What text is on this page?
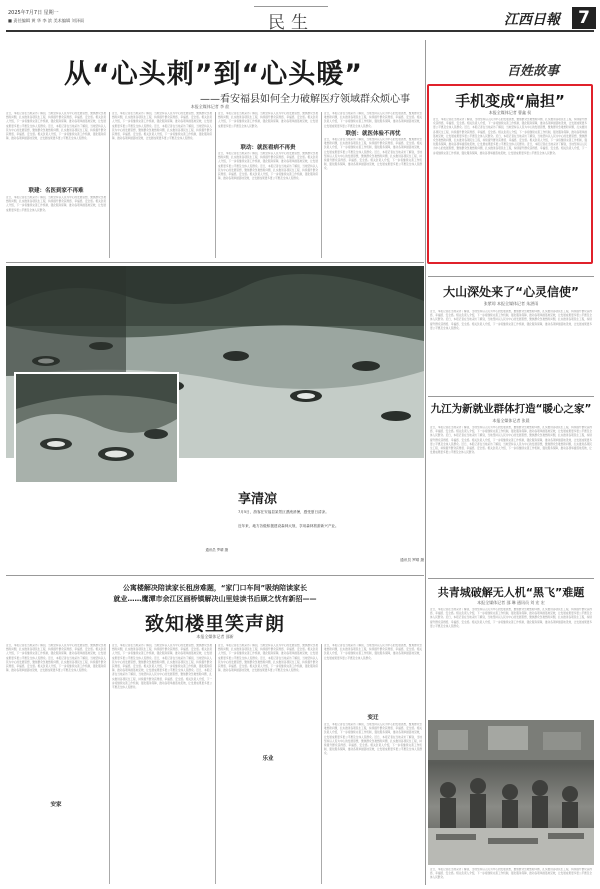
2025年7月7日 星期一
■ 责任编辑 黄 华 李 滨 美术编辑 刘泽雨	民生	江西日報	7
从“心头刺”到“心头暖”
——看安福县如何全力破解医疗领域群众烦心事
本报全媒体记者 李 歆
近日，本报记者在当地采访了解到，当地坚持以人民为中心的发展思想，聚焦群众急难愁盼问题，扎实推进各项民生工程，持续提升群众获得感、幸福感、安全感。相关负责人介绍，下一步将继续完善工作机制，强化服务保障，推动各项举措落地见效，让发展成果更多更公平惠及全体人民群众。近日，本报记者在当地采访了解到，当地坚持以人民为中心的发展思想，聚焦群众急难愁盼问题，扎实推进各项民生工程，持续提升群众获得感、幸福感、安全感。相关负责人介绍，下一步将继续完善工作机制，强化服务保障，推动各项举措落地见效，让发展成果更多更公平惠及全体人民群众。
联建：名医到家不再难
近日，本报记者在当地采访了解到，当地坚持以人民为中心的发展思想，聚焦群众急难愁盼问题，扎实推进各项民生工程，持续提升群众获得感、幸福感、安全感。相关负责人介绍，下一步将继续完善工作机制，强化服务保障，推动各项举措落地见效，让发展成果更多更公平惠及全体人民群众。
近日，本报记者在当地采访了解到，当地坚持以人民为中心的发展思想，聚焦群众急难愁盼问题，扎实推进各项民生工程，持续提升群众获得感、幸福感、安全感。相关负责人介绍，下一步将继续完善工作机制，强化服务保障，推动各项举措落地见效，让发展成果更多更公平惠及全体人民群众。近日，本报记者在当地采访了解到，当地坚持以人民为中心的发展思想，聚焦群众急难愁盼问题，扎实推进各项民生工程，持续提升群众获得感、幸福感、安全感。相关负责人介绍，下一步将继续完善工作机制，强化服务保障，推动各项举措落地见效，让发展成果更多更公平惠及全体人民群众。
近日，本报记者在当地采访了解到，当地坚持以人民为中心的发展思想，聚焦群众急难愁盼问题，扎实推进各项民生工程，持续提升群众获得感、幸福感、安全感。相关负责人介绍，下一步将继续完善工作机制，强化服务保障，推动各项举措落地见效，让发展成果更多更公平惠及全体人民群众。
联动：就医看病不再贵
近日，本报记者在当地采访了解到，当地坚持以人民为中心的发展思想，聚焦群众急难愁盼问题，扎实推进各项民生工程，持续提升群众获得感、幸福感、安全感。相关负责人介绍，下一步将继续完善工作机制，强化服务保障，推动各项举措落地见效，让发展成果更多更公平惠及全体人民群众。近日，本报记者在当地采访了解到，当地坚持以人民为中心的发展思想，聚焦群众急难愁盼问题，扎实推进各项民生工程，持续提升群众获得感、幸福感、安全感。相关负责人介绍，下一步将继续完善工作机制，强化服务保障，推动各项举措落地见效，让发展成果更多更公平惠及全体人民群众。
近日，本报记者在当地采访了解到，当地坚持以人民为中心的发展思想，聚焦群众急难愁盼问题，扎实推进各项民生工程，持续提升群众获得感、幸福感、安全感。相关负责人介绍，下一步将继续完善工作机制，强化服务保障，推动各项举措落地见效，让发展成果更多更公平惠及全体人民群众。
联创：就医体验不再忧
近日，本报记者在当地采访了解到，当地坚持以人民为中心的发展思想，聚焦群众急难愁盼问题，扎实推进各项民生工程，持续提升群众获得感、幸福感、安全感。相关负责人介绍，下一步将继续完善工作机制，强化服务保障，推动各项举措落地见效，让发展成果更多更公平惠及全体人民群众。近日，本报记者在当地采访了解到，当地坚持以人民为中心的发展思想，聚焦群众急难愁盼问题，扎实推进各项民生工程，持续提升群众获得感、幸福感、安全感。相关负责人介绍，下一步将继续完善工作机制，强化服务保障，推动各项举措落地见效，让发展成果更多更公平惠及全体人民群众。
百姓故事
手机变成“扁担”
本报全媒体记者 曹鑫 侯
近日，本报记者在当地采访了解到，当地坚持以人民为中心的发展思想，聚焦群众急难愁盼问题，扎实推进各项民生工程，持续提升群众获得感、幸福感、安全感。相关负责人介绍，下一步将继续完善工作机制，强化服务保障，推动各项举措落地见效，让发展成果更多更公平惠及全体人民群众。近日，本报记者在当地采访了解到，当地坚持以人民为中心的发展思想，聚焦群众急难愁盼问题，扎实推进各项民生工程，持续提升群众获得感、幸福感、安全感。相关负责人介绍，下一步将继续完善工作机制，强化服务保障，推动各项举措落地见效，让发展成果更多更公平惠及全体人民群众。近日，本报记者在当地采访了解到，当地坚持以人民为中心的发展思想，聚焦群众急难愁盼问题，扎实推进各项民生工程，持续提升群众获得感、幸福感、安全感。相关负责人介绍，下一步将继续完善工作机制，强化服务保障，推动各项举措落地见效，让发展成果更多更公平惠及全体人民群众。近日，本报记者在当地采访了解到，当地坚持以人民为中心的发展思想，聚焦群众急难愁盼问题，扎实推进各项民生工程，持续提升群众获得感、幸福感、安全感。相关负责人介绍，下一步将继续完善工作机制，强化服务保障，推动各项举措落地见效，让发展成果更多更公平惠及全体人民群众。
大山深处来了“心灵信使”
张紫琼 本报全媒体记者 朱湛雨
近日，本报记者在当地采访了解到，当地坚持以人民为中心的发展思想，聚焦群众急难愁盼问题，扎实推进各项民生工程，持续提升群众获得感、幸福感、安全感。相关负责人介绍，下一步将继续完善工作机制，强化服务保障，推动各项举措落地见效，让发展成果更多更公平惠及全体人民群众。近日，本报记者在当地采访了解到，当地坚持以人民为中心的发展思想，聚焦群众急难愁盼问题，扎实推进各项民生工程，持续提升群众获得感、幸福感、安全感。相关负责人介绍，下一步将继续完善工作机制，强化服务保障，推动各项举措落地见效，让发展成果更多更公平惠及全体人民群众。
九江为新就业群体打造“暖心之家”
本报全媒体记者 张晨
近日，本报记者在当地采访了解到，当地坚持以人民为中心的发展思想，聚焦群众急难愁盼问题，扎实推进各项民生工程，持续提升群众获得感、幸福感、安全感。相关负责人介绍，下一步将继续完善工作机制，强化服务保障，推动各项举措落地见效，让发展成果更多更公平惠及全体人民群众。近日，本报记者在当地采访了解到，当地坚持以人民为中心的发展思想，聚焦群众急难愁盼问题，扎实推进各项民生工程，持续提升群众获得感、幸福感、安全感。相关负责人介绍，下一步将继续完善工作机制，强化服务保障，推动各项举措落地见效，让发展成果更多更公平惠及全体人民群众。近日，本报记者在当地采访了解到，当地坚持以人民为中心的发展思想，聚焦群众急难愁盼问题，扎实推进各项民生工程，持续提升群众获得感、幸福感、安全感。相关负责人介绍，下一步将继续完善工作机制，强化服务保障，推动各项举措落地见效，让发展成果更多更公平惠及全体人民群众。
共青城破解无人机“黑飞”难题
本报全媒体记者 邵 琳 通讯员 刘 宏 宏
近日，本报记者在当地采访了解到，当地坚持以人民为中心的发展思想，聚焦群众急难愁盼问题，扎实推进各项民生工程，持续提升群众获得感、幸福感、安全感。相关负责人介绍，下一步将继续完善工作机制，强化服务保障，推动各项举措落地见效，让发展成果更多更公平惠及全体人民群众。近日，本报记者在当地采访了解到，当地坚持以人民为中心的发展思想，聚焦群众急难愁盼问题，扎实推进各项民生工程，持续提升群众获得感、幸福感、安全感。相关负责人介绍，下一步将继续完善工作机制，强化服务保障，推动各项举措落地见效，让发展成果更多更公平惠及全体人民群众。
近日，本报记者在当地采访了解到，当地坚持以人民为中心的发展思想，聚焦群众急难愁盼问题，扎实推进各项民生工程，持续提升群众获得感、幸福感、安全感。相关负责人介绍，下一步将继续完善工作机制，强化服务保障，推动各项举措落地见效，让发展成果更多更公平惠及全体人民群众。
享清凉
7月5日，游客在安福县某景区漂流消暑，感受夏日清凉。
近年来，地方各级积极建设森林大规，享用森林旅游新兴产业。
通讯员 罗晴 摄
通讯员 罗晴 摄
公寓楼解决陪读家长租房难题，“家门口车间”吸纳陪读家长
就业……鹰潭市余江区画桥镇解决山里娃读书后顾之忧有新招——
致知楼里笑声朗
本报全媒体记者 邵新
近日，本报记者在当地采访了解到，当地坚持以人民为中心的发展思想，聚焦群众急难愁盼问题，扎实推进各项民生工程，持续提升群众获得感、幸福感、安全感。相关负责人介绍，下一步将继续完善工作机制，强化服务保障，推动各项举措落地见效，让发展成果更多更公平惠及全体人民群众。近日，本报记者在当地采访了解到，当地坚持以人民为中心的发展思想，聚焦群众急难愁盼问题，扎实推进各项民生工程，持续提升群众获得感、幸福感、安全感。相关负责人介绍，下一步将继续完善工作机制，强化服务保障，推动各项举措落地见效，让发展成果更多更公平惠及全体人民群众。
安家
近日，本报记者在当地采访了解到，当地坚持以人民为中心的发展思想，聚焦群众急难愁盼问题，扎实推进各项民生工程，持续提升群众获得感、幸福感、安全感。相关负责人介绍，下一步将继续完善工作机制，强化服务保障，推动各项举措落地见效，让发展成果更多更公平惠及全体人民群众。近日，本报记者在当地采访了解到，当地坚持以人民为中心的发展思想，聚焦群众急难愁盼问题，扎实推进各项民生工程，持续提升群众获得感、幸福感、安全感。相关负责人介绍，下一步将继续完善工作机制，强化服务保障，推动各项举措落地见效，让发展成果更多更公平惠及全体人民群众。近日，本报记者在当地采访了解到，当地坚持以人民为中心的发展思想，聚焦群众急难愁盼问题，扎实推进各项民生工程，持续提升群众获得感、幸福感、安全感。相关负责人介绍，下一步将继续完善工作机制，强化服务保障，推动各项举措落地见效，让发展成果更多更公平惠及全体人民群众。
近日，本报记者在当地采访了解到，当地坚持以人民为中心的发展思想，聚焦群众急难愁盼问题，扎实推进各项民生工程，持续提升群众获得感、幸福感、安全感。相关负责人介绍，下一步将继续完善工作机制，强化服务保障，推动各项举措落地见效，让发展成果更多更公平惠及全体人民群众。近日，本报记者在当地采访了解到，当地坚持以人民为中心的发展思想，聚焦群众急难愁盼问题，扎实推进各项民生工程，持续提升群众获得感、幸福感、安全感。相关负责人介绍，下一步将继续完善工作机制，强化服务保障，推动各项举措落地见效，让发展成果更多更公平惠及全体人民群众。
乐业
变迁
近日，本报记者在当地采访了解到，当地坚持以人民为中心的发展思想，聚焦群众急难愁盼问题，扎实推进各项民生工程，持续提升群众获得感、幸福感、安全感。相关负责人介绍，下一步将继续完善工作机制，强化服务保障，推动各项举措落地见效，让发展成果更多更公平惠及全体人民群众。
近日，本报记者在当地采访了解到，当地坚持以人民为中心的发展思想，聚焦群众急难愁盼问题，扎实推进各项民生工程，持续提升群众获得感、幸福感、安全感。相关负责人介绍，下一步将继续完善工作机制，强化服务保障，推动各项举措落地见效，让发展成果更多更公平惠及全体人民群众。近日，本报记者在当地采访了解到，当地坚持以人民为中心的发展思想，聚焦群众急难愁盼问题，扎实推进各项民生工程，持续提升群众获得感、幸福感、安全感。相关负责人介绍，下一步将继续完善工作机制，强化服务保障，推动各项举措落地见效，让发展成果更多更公平惠及全体人民群众。
